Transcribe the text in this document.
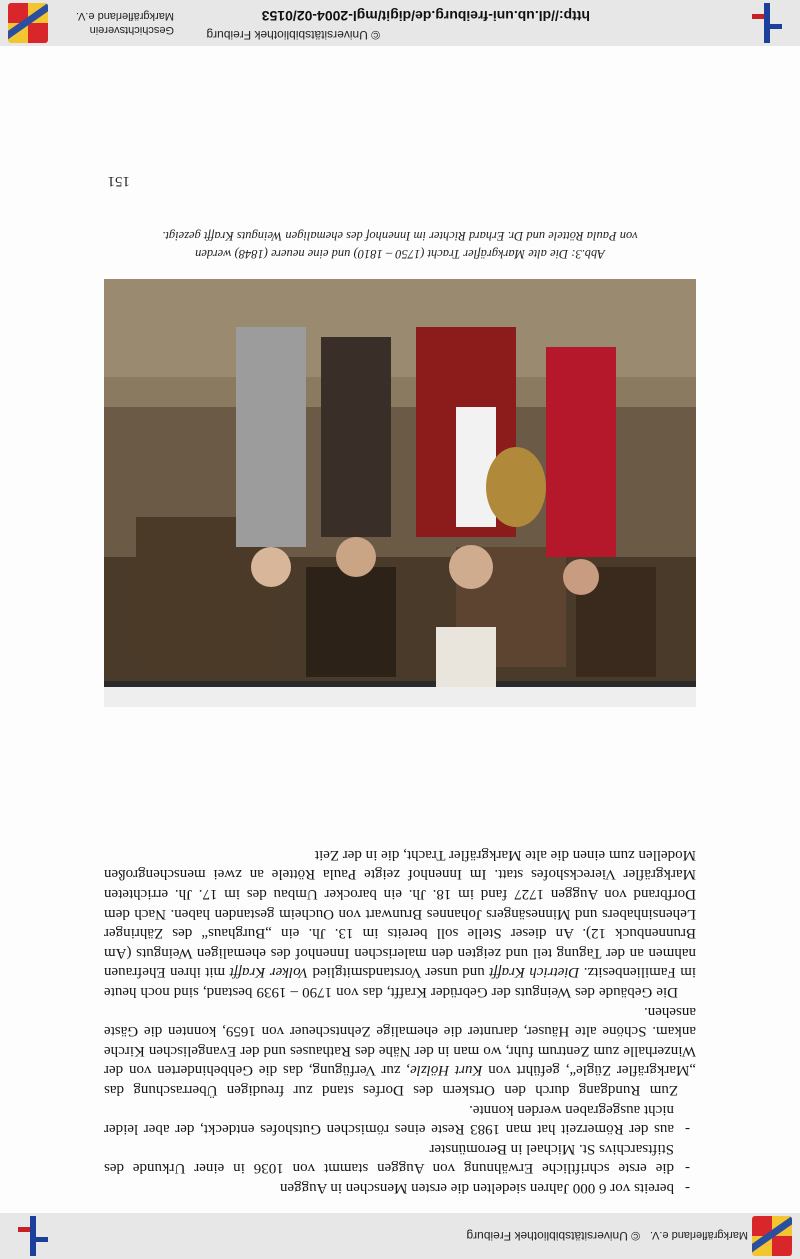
© Universitätsbibliothek Freiburg Markgräflerland e.V.
- bereits vor 6 000 Jahren siedelten die ersten Menschen in Auggen
- die erste schriftliche Erwähnung von Auggen stammt von 1036 in einer Urkunde des Stiftsarchivs St. Michael in Beromünster
- aus der Römerzeit hat man 1983 Reste eines römischen Gutshofes entdeckt, der aber leider nicht ausgegraben werden konnte.

Zum Rundgang durch den Ortskern des Dorfes stand zur freudigen Überraschung das „Markgräfler Zügle“, geführt von Kurt Hölzle, zur Verfügung, das die Gehbehinderten von der Winzerhalle zum Zentrum fuhr, wo man in der Nähe des Rathauses und der Evangelischen Kirche ankam. Schöne alte Häuser, darunter die ehemalige Zehntscheuer von 1659, konnten die Gäste ansehen.

Die Gebäude des Weinguts der Gebrüder Krafft, das von 1790 – 1939 bestand, sind noch heute im Familienbesitz. Dietrich Krafft und unser Vorstandsmitglied Volker Krafft mit ihren Ehefrauen nahmen an der Tagung teil und zeigten den malerischen Innenhof des ehemaligen Weinguts (Am Brunnenbuck 12). An dieser Stelle soll bereits im 13. Jh. ein „Burghaus“ des Zähringer Lehensinhabers und Minnesängers Johannes Brunwart von Oucheim gestanden haben. Nach dem Dorfbrand von Auggen 1727 fand im 18. Jh. ein barocker Umbau des im 17. Jh. errichteten Markgräfler Viereckshofes statt. Im Innenhof zeigte Paula Röttele an zwei menschengroßen Modellen zum einen die alte Markgräfler Tracht, die in der Zeit

Abb.3: Die alte Markgräfler Tracht (1750 – 1810) und eine neuere (1848) werden
von Paula Röttele und Dr. Erhard Richter im Innenhof des ehemaligen Weinguts Krafft gezeigt.
151
© Universitätsbibliothek Freiburg
http://dl.ub.uni-freiburg.de/digit/mgl-2004-02/0153
Geschichtsverein
Markgräflerland e.V.
